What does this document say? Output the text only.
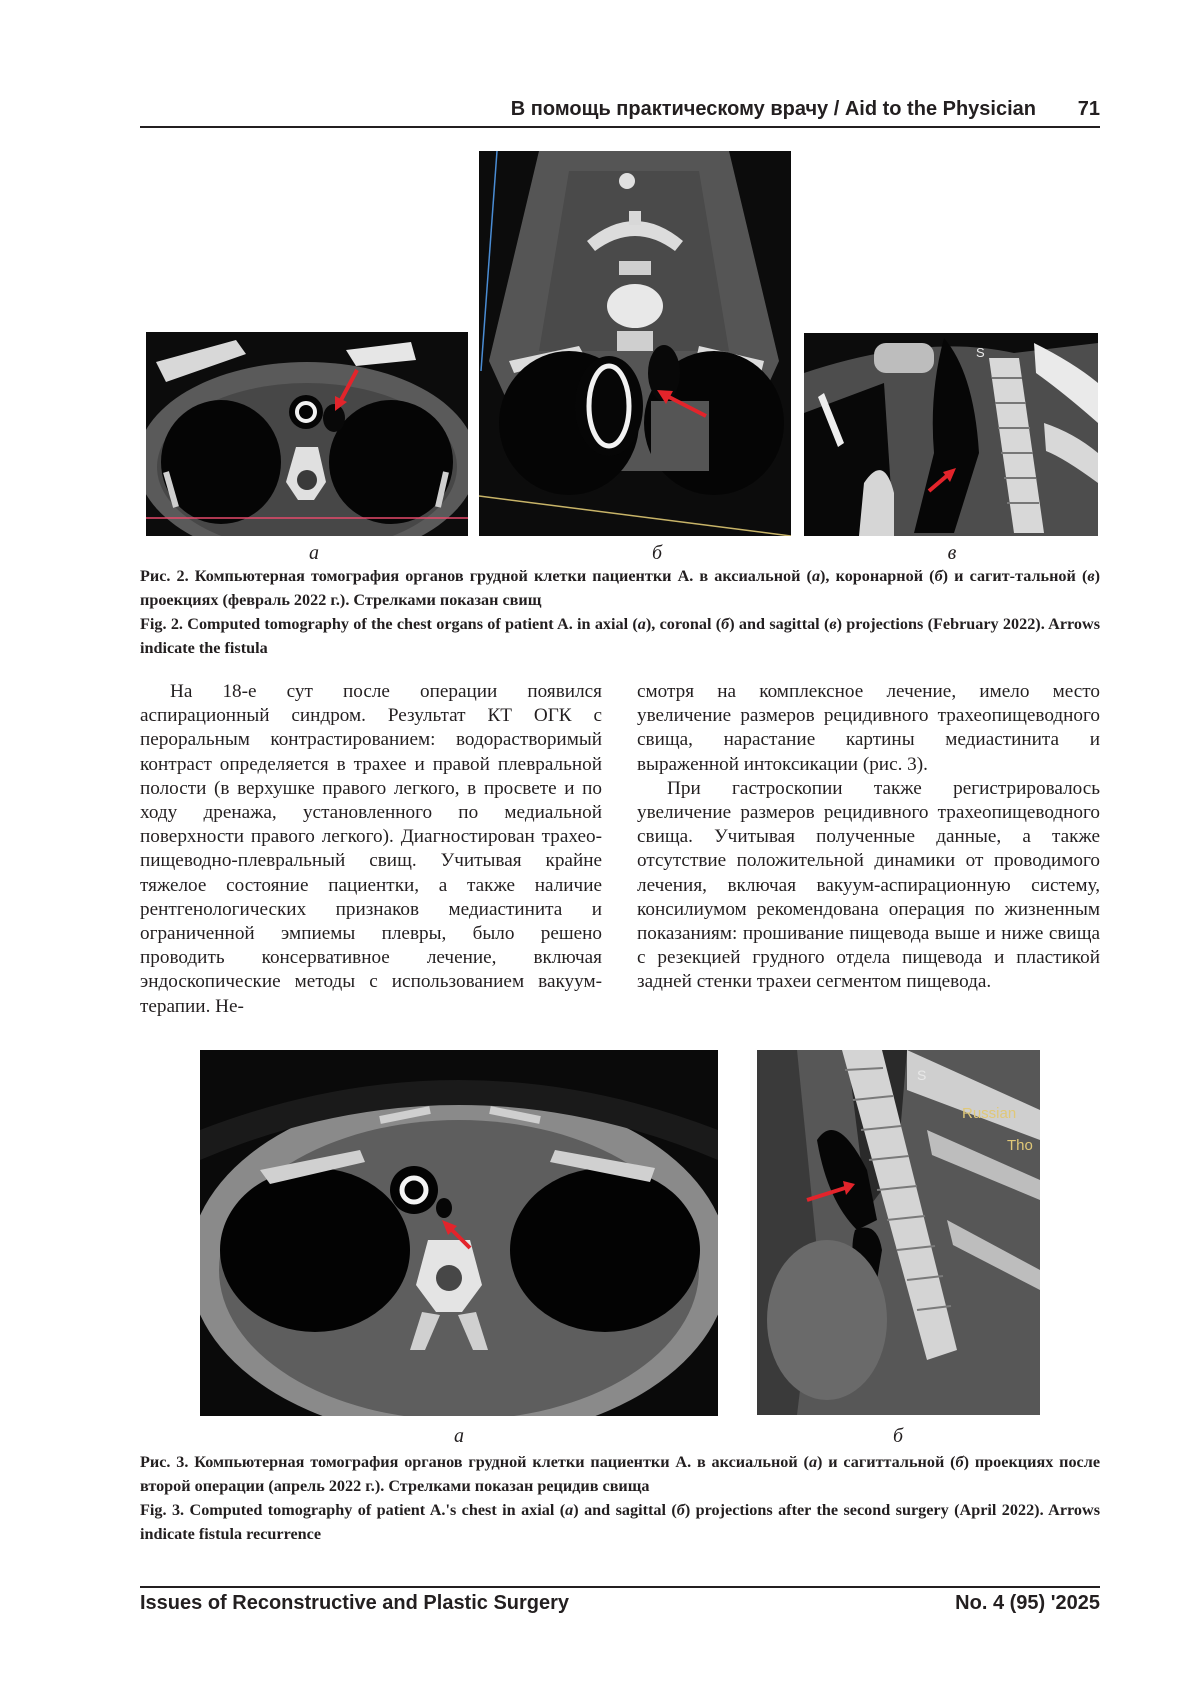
В помощь практическому врачу / Aid to the Physician 71
а	б
S
в
Рис. 2. Компьютерная томография органов грудной клетки пациентки А. в аксиальной (а), коронарной (б) и сагит-тальной (в) проекциях (февраль 2022 г.). Стрелками показан свищ
Fig. 2. Computed tomography of the chest organs of patient A. in axial (а), coronal (б) and sagittal (в) projections (February 2022). Arrows indicate the fistula

На 18-е сут после операции появился аспирационный синдром. Результат КТ ОГК с пероральным контрастированием: водорастворимый контраст определяется в трахее и правой плевральной полости (в верхушке правого легкого, в просвете и по ходу дренажа, установленного по медиальной поверхности правого легкого). Диагностирован трахео-пищеводно-плевральный свищ. Учитывая крайне тяжелое состояние пациентки, а также наличие рентгенологических признаков медиастинита и ограниченной эмпиемы плевры, было решено проводить консервативное лечение, включая эндоскопические методы с использованием вакуум-терапии. Не-

смотря на комплексное лечение, имело место увеличение размеров рецидивного трахеопищеводного свища, нарастание картины медиастинита и выраженной интоксикации (рис. 3).

При гастроскопии также регистрировалось увеличение размеров рецидивного трахеопищеводного свища. Учитывая полученные данные, а также отсутствие положительной динамики от проводимого лечения, включая вакуум-аспирационную систему, консилиумом рекомендована операция по жизненным показаниям: прошивание пищевода выше и ниже свища с резекцией грудного отдела пищевода и пластикой задней стенки трахеи сегментом пищевода.

а
S
Russian
Tho
б
Рис. 3. Компьютерная томография органов грудной клетки пациентки А. в аксиальной (а) и сагиттальной (б) проекциях после второй операции (апрель 2022 г.). Стрелками показан рецидив свища
Fig. 3. Computed tomography of patient A.'s chest in axial (а) and sagittal (б) projections after the second surgery (April 2022). Arrows indicate fistula recurrence
Issues of Reconstructive and Plastic Surgery	No. 4 (95) '2025
